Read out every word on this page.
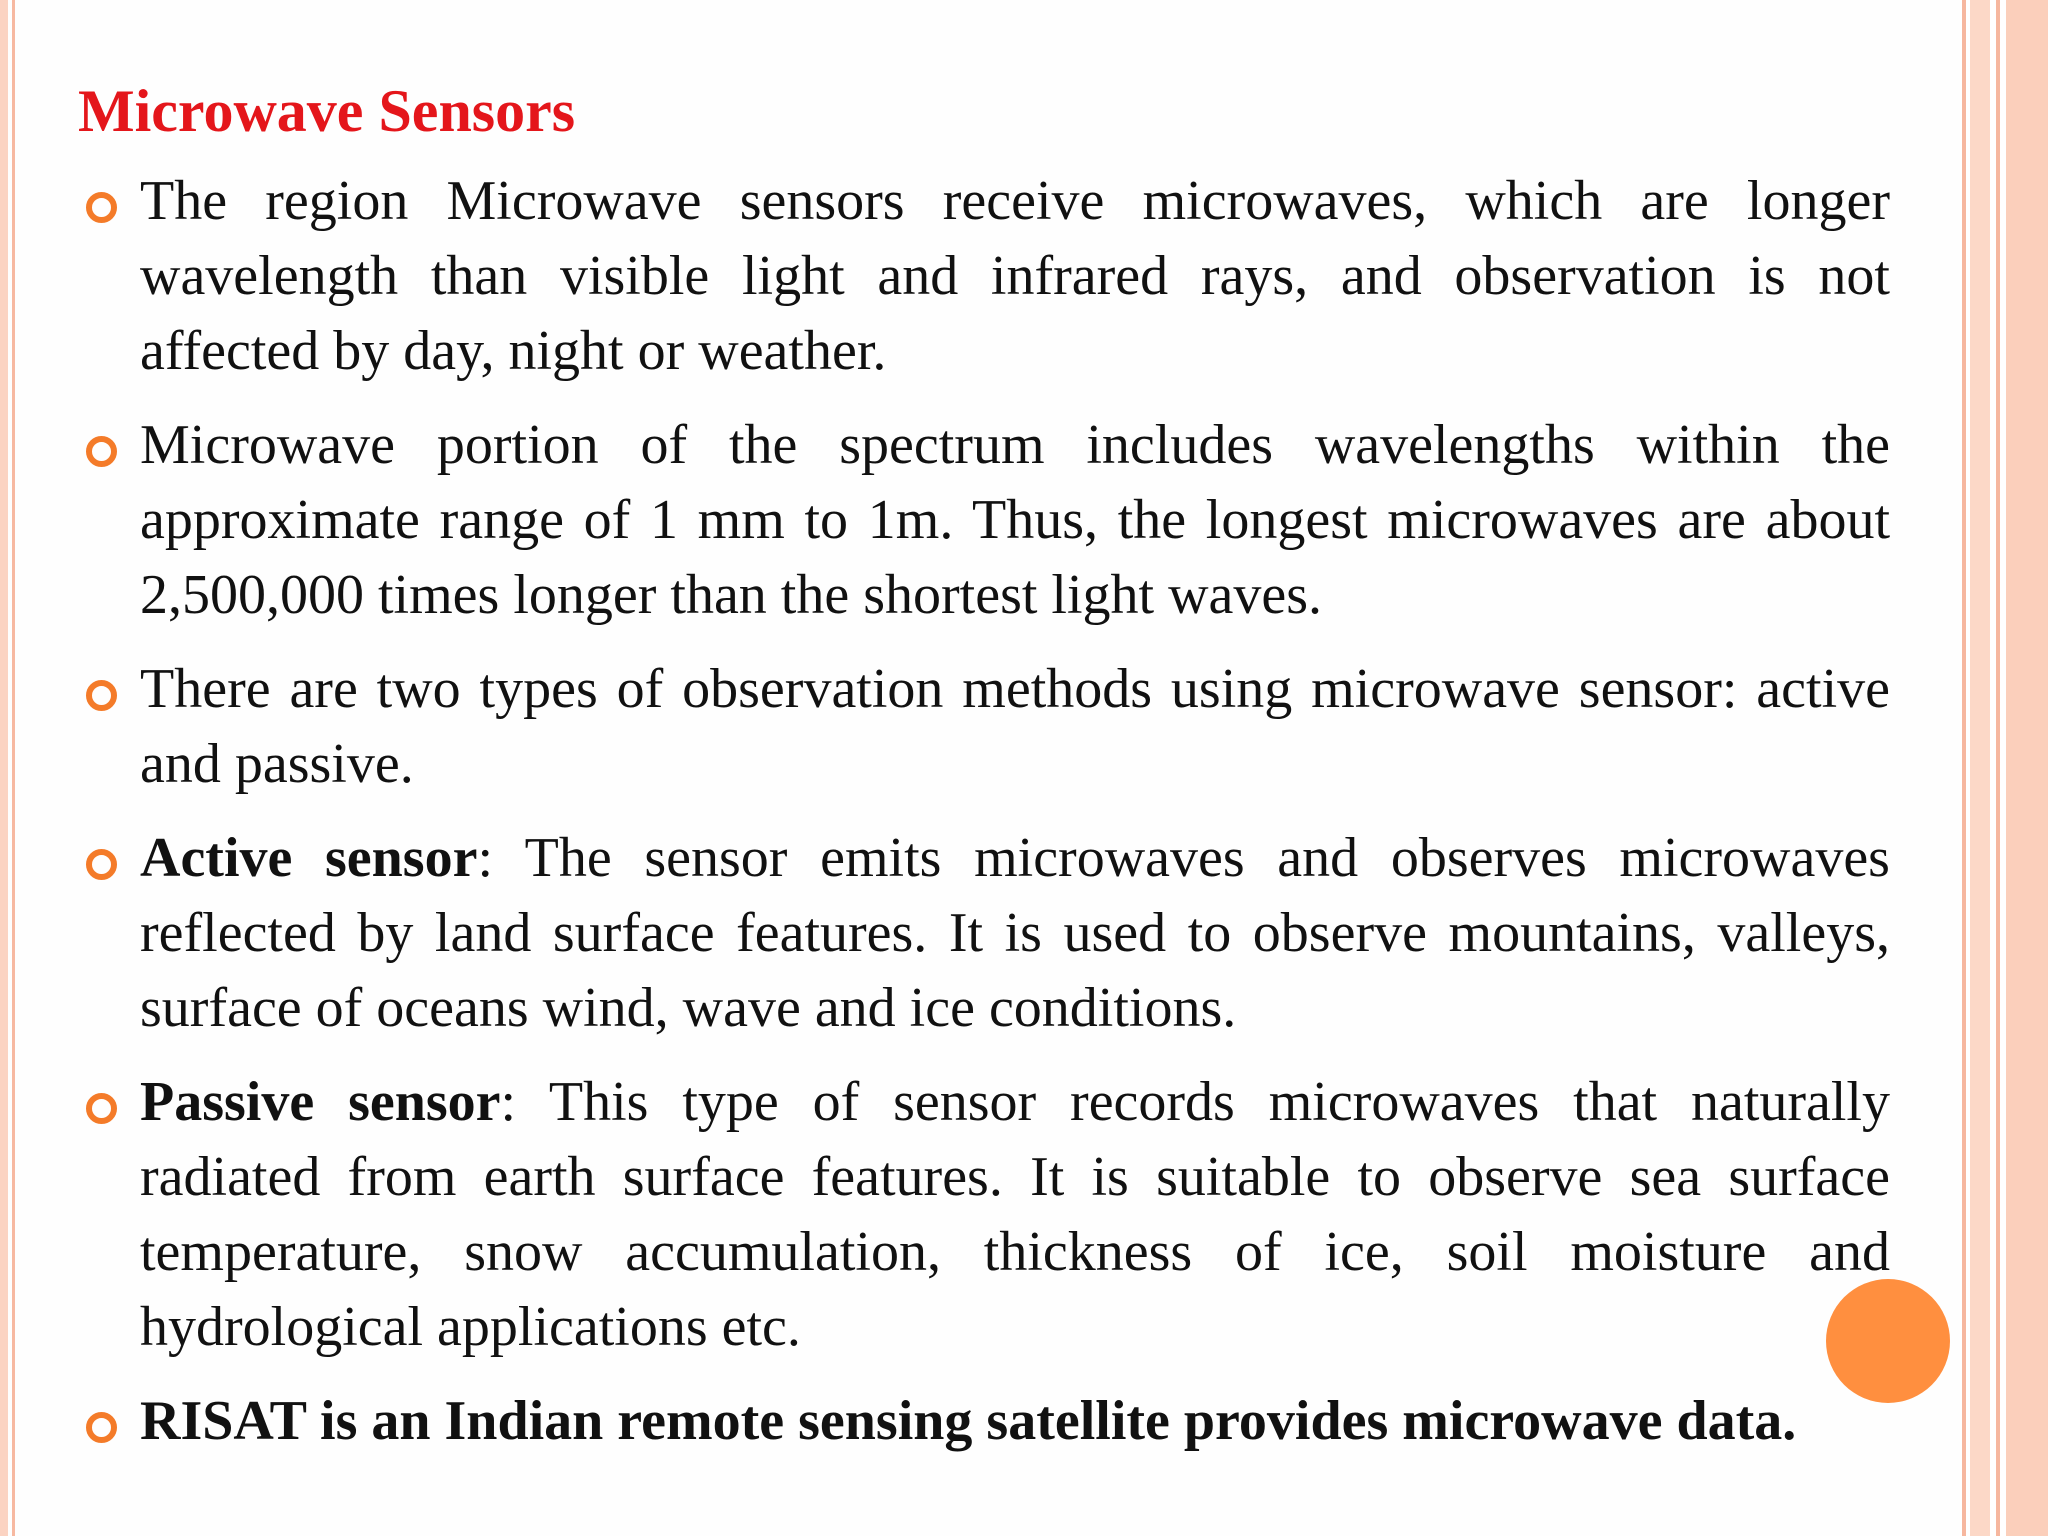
Microwave Sensors
The region Microwave sensors receive microwaves, which are longer wavelength than visible light and infrared rays, and observation is not affected by day, night or weather.
Microwave portion of the spectrum includes wavelengths within the approximate range of 1 mm to 1m. Thus, the longest microwaves are about 2,500,000 times longer than the shortest light waves.
There are two types of observation methods using microwave sensor: active and passive.
Active sensor: The sensor emits microwaves and observes microwaves reflected by land surface features. It is used to observe mountains, valleys, surface of oceans wind, wave and ice conditions.
Passive sensor: This type of sensor records microwaves that naturally radiated from earth surface features. It is suitable to observe sea surface temperature, snow accumulation, thickness of ice, soil moisture and hydrological applications etc.
RISAT is an Indian remote sensing satellite provides microwave data.
